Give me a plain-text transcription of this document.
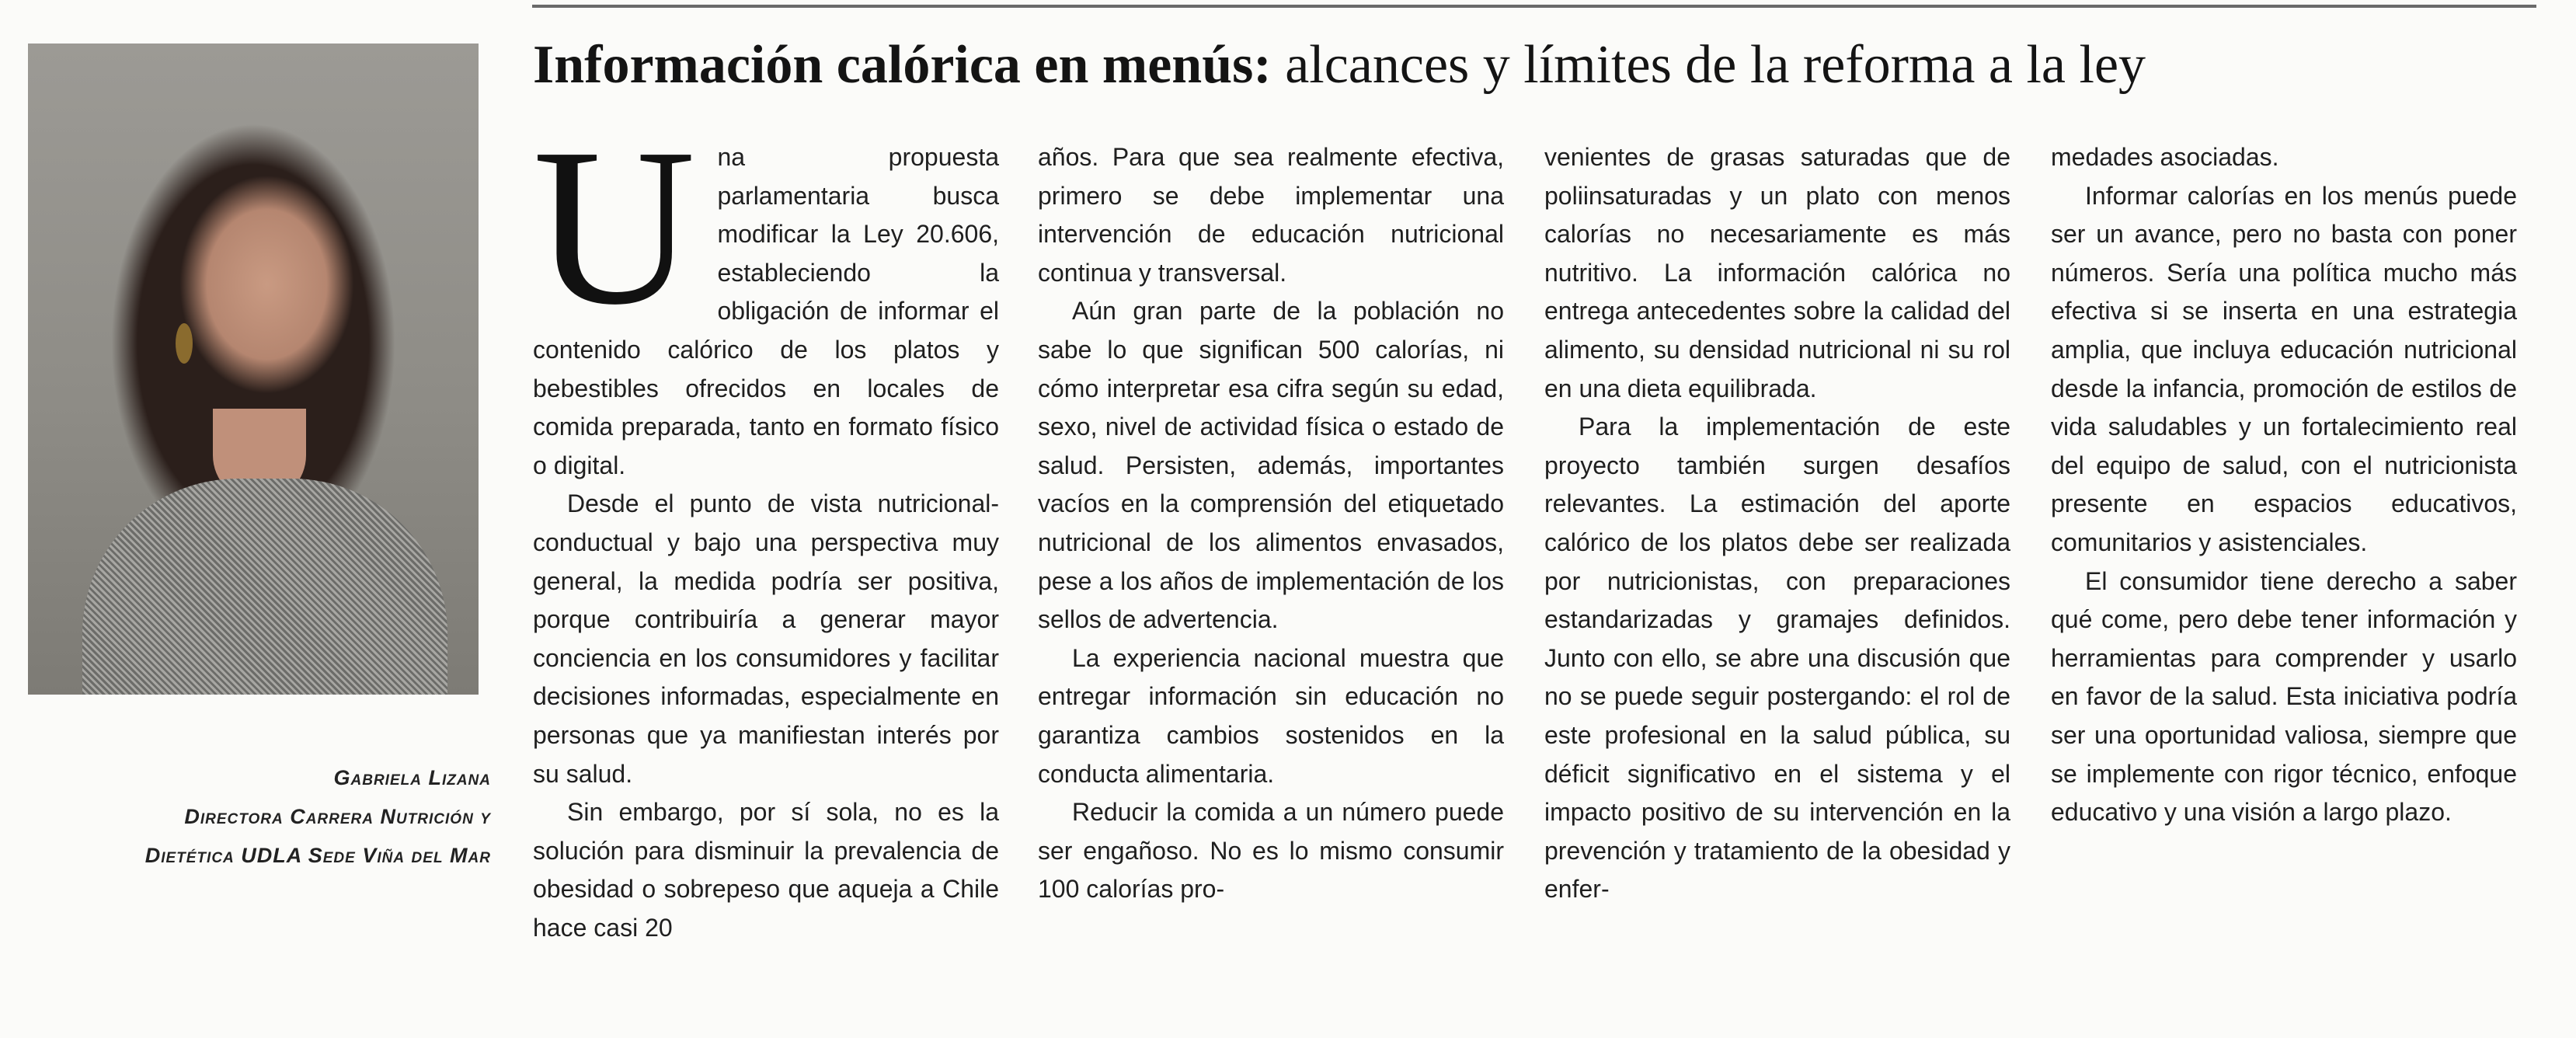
Gabriela Lizana
Directora Carrera Nutrición y
Dietética UDLA Sede Viña del Mar
Información calórica en menús: alcances y límites de la reforma a la ley
U na propuesta parlamentaria busca modificar la Ley 20.606, estableciendo la obligación de informar el contenido calórico de los platos y bebestibles ofrecidos en locales de comida preparada, tanto en formato físico o digital.

Desde el punto de vista nutricional-conductual y bajo una perspectiva muy general, la medida podría ser positiva, porque contribuiría a generar mayor conciencia en los consumidores y facilitar decisiones informadas, especialmente en personas que ya manifiestan interés por su salud.

Sin embargo, por sí sola, no es la solución para disminuir la prevalencia de obesidad o sobrepeso que aqueja a Chile hace casi 20

años. Para que sea realmente efectiva, primero se debe implementar una intervención de educación nutricional continua y transversal.

Aún gran parte de la población no sabe lo que significan 500 calorías, ni cómo interpretar esa cifra según su edad, sexo, nivel de actividad física o estado de salud. Persisten, además, importantes vacíos en la comprensión del etiquetado nutricional de los alimentos envasados, pese a los años de implementación de los sellos de advertencia.

La experiencia nacional muestra que entregar información sin educación no garantiza cambios sostenidos en la conducta alimentaria.

Reducir la comida a un número puede ser engañoso. No es lo mismo consumir 100 calorías pro-

venientes de grasas saturadas que de poliinsaturadas y un plato con menos calorías no necesariamente es más nutritivo. La información calórica no entrega antecedentes sobre la calidad del alimento, su densidad nutricional ni su rol en una dieta equilibrada.

Para la implementación de este proyecto también surgen desafíos relevantes. La estimación del aporte calórico de los platos debe ser realizada por nutricionistas, con preparaciones estandarizadas y gramajes definidos. Junto con ello, se abre una discusión que no se puede seguir postergando: el rol de este profesional en la salud pública, su déficit significativo en el sistema y el impacto positivo de su intervención en la prevención y tratamiento de la obesidad y enfer-

medades asociadas.

Informar calorías en los menús puede ser un avance, pero no basta con poner números. Sería una política mucho más efectiva si se inserta en una estrategia amplia, que incluya educación nutricional desde la infancia, promoción de estilos de vida saludables y un fortalecimiento real del equipo de salud, con el nutricionista presente en espacios educativos, comunitarios y asistenciales.

El consumidor tiene derecho a saber qué come, pero debe tener información y herramientas para comprender y usarlo en favor de la salud. Esta iniciativa podría ser una oportunidad valiosa, siempre que se implemente con rigor técnico, enfoque educativo y una visión a largo plazo.
